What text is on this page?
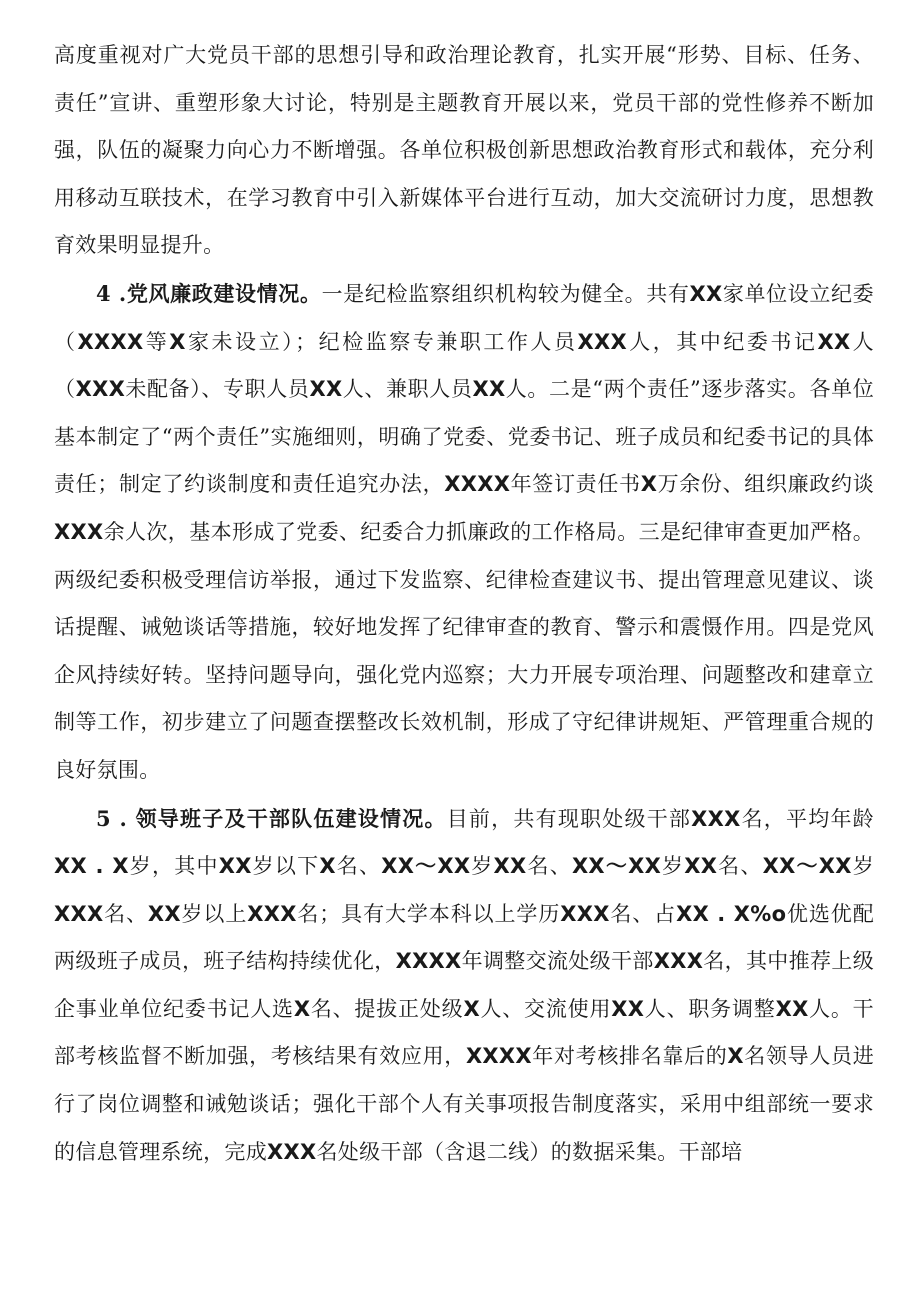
高度重视对广大党员干部的思想引导和政治理论教育，扎实开展“形势、目标、任务、责任”宣讲、重塑形象大讨论，特别是主题教育开展以来，党员干部的党性修养不断加强，队伍的凝聚力向心力不断增强。各单位积极创新思想政治教育形式和载体，充分利用移动互联技术，在学习教育中引入新媒体平台进行互动，加大交流研讨力度，思想教育效果明显提升。

4 .党风廉政建设情况。一是纪检监察组织机构较为健全。共有XX家单位设立纪委（XXXX等X家未设立）；纪检监察专兼职工作人员XXX人，其中纪委书记XX人（XXX未配备）、专职人员XX人、兼职人员XX人。二是“两个责任”逐步落实。各单位基本制定了“两个责任”实施细则，明确了党委、党委书记、班子成员和纪委书记的具体责任；制定了约谈制度和责任追究办法，XXXX年签订责任书X万余份、组织廉政约谈XXX余人次，基本形成了党委、纪委合力抓廉政的工作格局。三是纪律审查更加严格。两级纪委积极受理信访举报，通过下发监察、纪律检查建议书、提出管理意见建议、谈话提醒、诫勉谈话等措施，较好地发挥了纪律审查的教育、警示和震慑作用。四是党风企风持续好转。坚持问题导向，强化党内巡察；大力开展专项治理、问题整改和建章立制等工作，初步建立了问题查摆整改长效机制，形成了守纪律讲规矩、严管理重合规的良好氛围。

5 . 领导班子及干部队伍建设情况。目前，共有现职处级干部XXX名，平均年龄XX . X岁，其中XX岁以下X名、XX～XX岁XX名、XX～XX岁XX名、XX～XX岁XXX名、XX岁以上XXX名；具有大学本科以上学历XXX名、占XX . X%o优选优配两级班子成员，班子结构持续优化，XXXX年调整交流处级干部XXX名，其中推荐上级企事业单位纪委书记人选X名、提拔正处级X人、交流使用XX人、职务调整XX人。干部考核监督不断加强，考核结果有效应用，XXXX年对考核排名靠后的X名领导人员进行了岗位调整和诫勉谈话；强化干部个人有关事项报告制度落实，采用中组部统一要求的信息管理系统，完成XXX名处级干部（含退二线）的数据采集。干部培
